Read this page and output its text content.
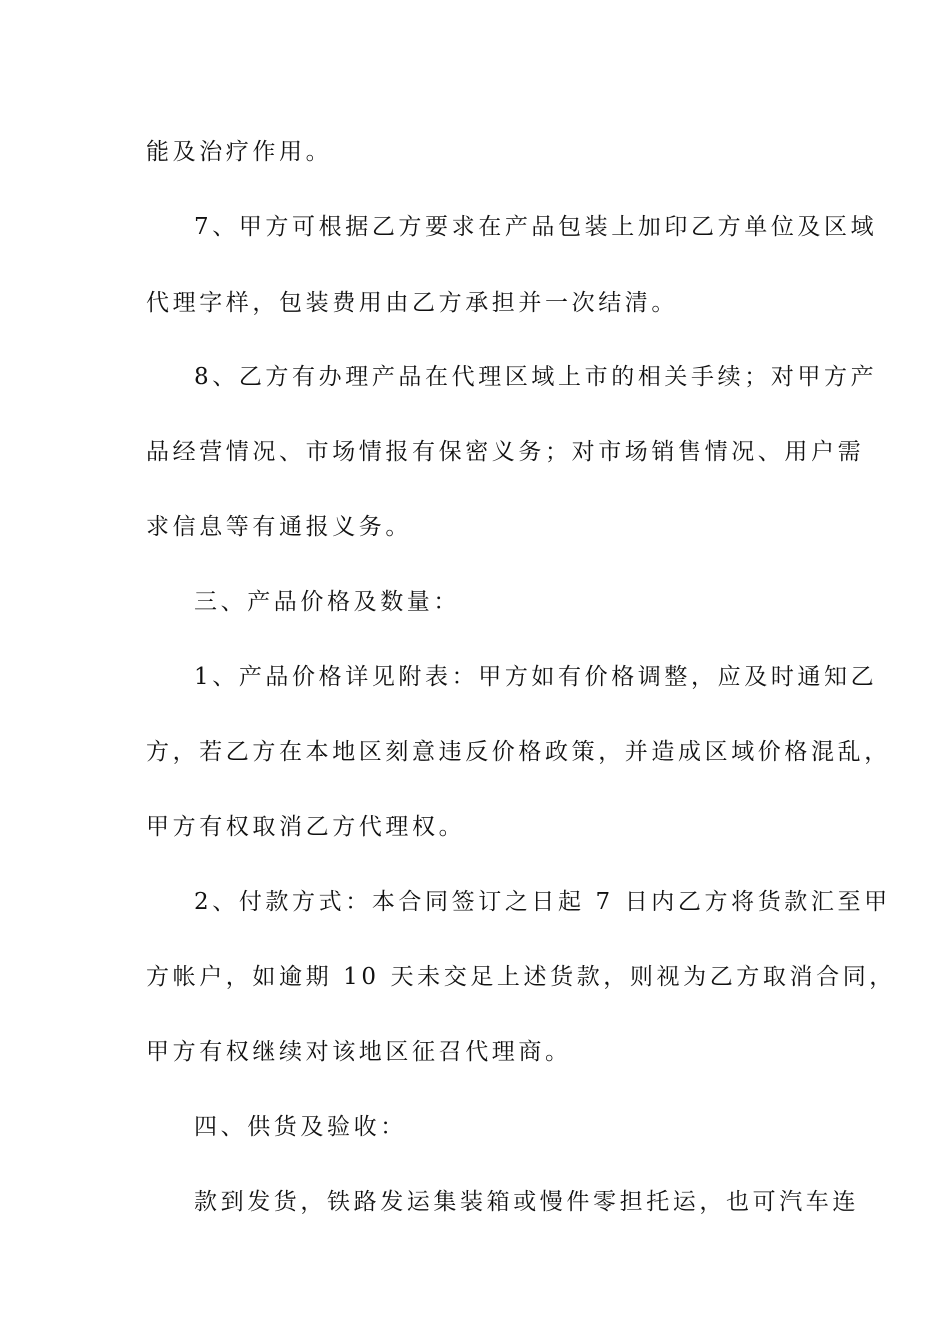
能及治疗作用。
7、甲方可根据乙方要求在产品包装上加印乙方单位及区域
代理字样，包装费用由乙方承担并一次结清。
8、乙方有办理产品在代理区域上市的相关手续；对甲方产
品经营情况、市场情报有保密义务；对市场销售情况、用户需
求信息等有通报义务。
三、产品价格及数量：
1、产品价格详见附表：甲方如有价格调整，应及时通知乙
方，若乙方在本地区刻意违反价格政策，并造成区域价格混乱，
甲方有权取消乙方代理权。
2、付款方式：本合同签订之日起 7 日内乙方将货款汇至甲
方帐户，如逾期 10 天未交足上述货款，则视为乙方取消合同，
甲方有权继续对该地区征召代理商。
四、供货及验收：
款到发货，铁路发运集装箱或慢件零担托运，也可汽车连
